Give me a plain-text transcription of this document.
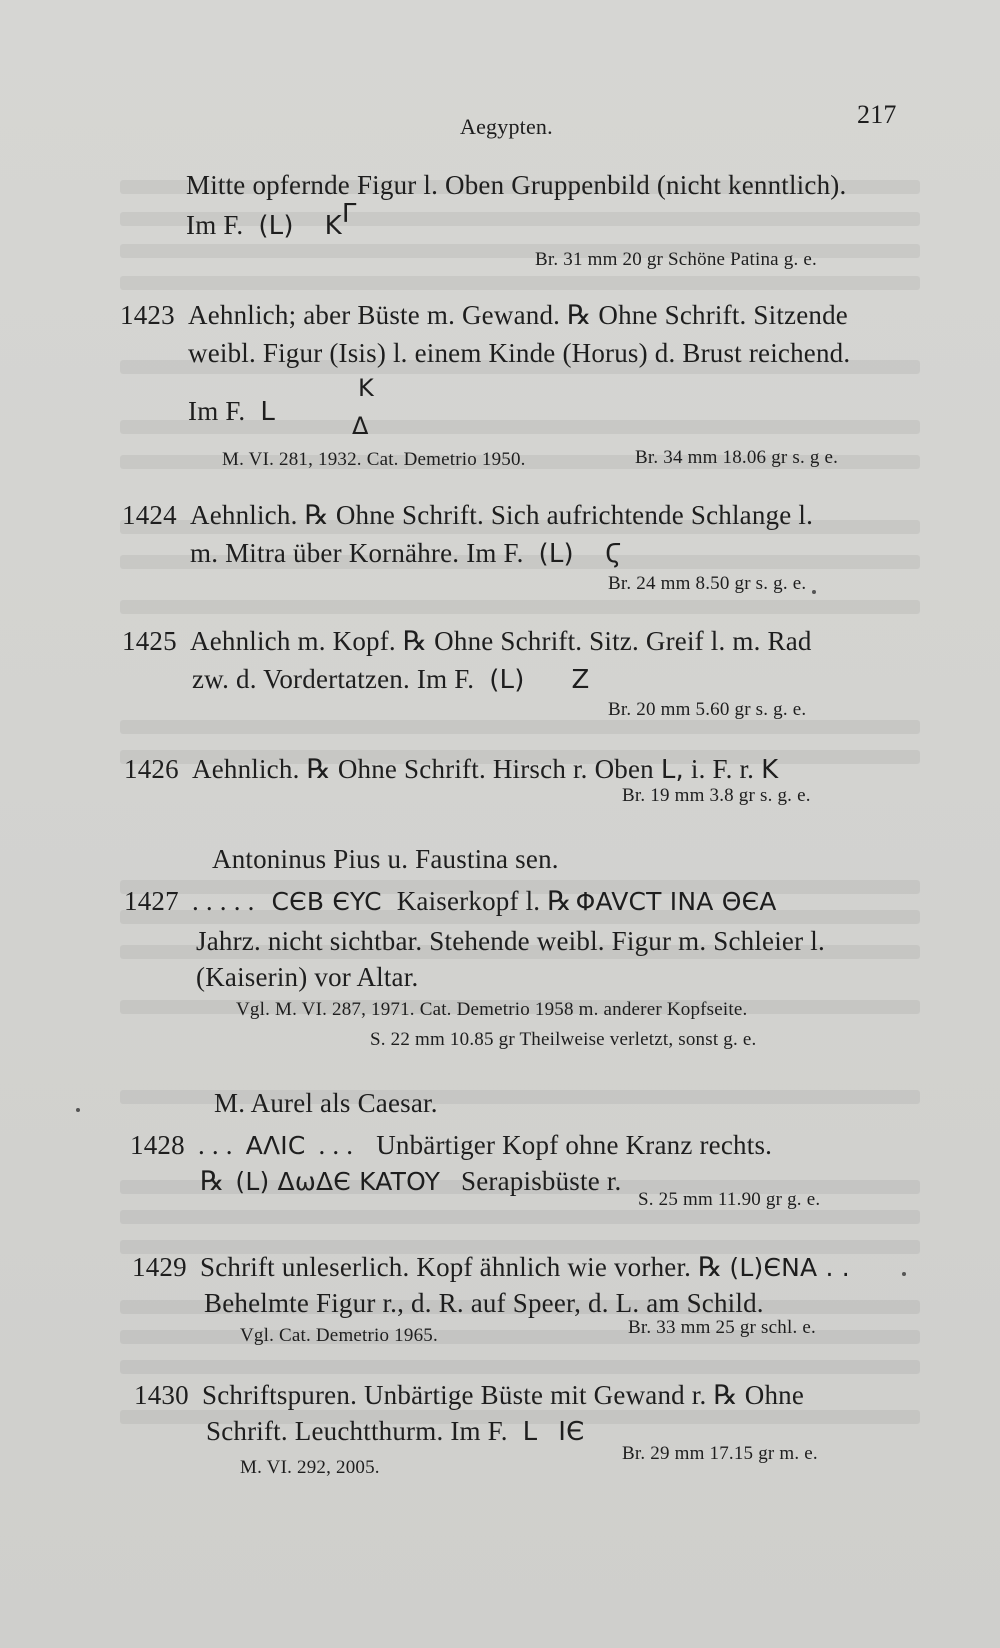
Aegypten.	217
Mitte opfernde Figur l. Oben Gruppenbild (nicht kenntlich).
Im F. (L) KΓ
Br. 31 mm 20 gr Schöne Patina g. e.
1423 Aehnlich; aber Büste m. Gewand. ℞ Ohne Schrift. Sitzende
weibl. Figur (Isis) l. einem Kinde (Horus) d. Brust reichend.
K
Im F. L	Δ
M. VI. 281, 1932. Cat. Demetrio 1950.	Br. 34 mm 18.06 gr s. g e.
1424 Aehnlich. ℞ Ohne Schrift. Sich aufrichtende Schlange l.
m. Mitra über Kornähre. Im F. (L) Ϛ
Br. 24 mm 8.50 gr s. g. e.
1425 Aehnlich m. Kopf. ℞ Ohne Schrift. Sitz. Greif l. m. Rad
zw. d. Vordertatzen. Im F. (L) Z
Br. 20 mm 5.60 gr s. g. e.
1426 Aehnlich. ℞ Ohne Schrift. Hirsch r. Oben L, i. F. r. K
Br. 19 mm 3.8 gr s. g. e.
Antoninus Pius u. Faustina sen.
1427 . . . . . CЄB ЄYC Kaiserkopf l. ℞ ΦAVCT INA ΘЄA
Jahrz. nicht sichtbar. Stehende weibl. Figur m. Schleier l.
(Kaiserin) vor Altar.
Vgl. M. VI. 287, 1971. Cat. Demetrio 1958 m. anderer Kopfseite.
S. 22 mm 10.85 gr Theilweise verletzt, sonst g. e.
M. Aurel als Caesar.
1428 . . . AΛIC . . . Unbärtiger Kopf ohne Kranz rechts.
℞ (L) ΔωΔЄ KATOY Serapisbüste r.
S. 25 mm 11.90 gr g. e.
1429 Schrift unleserlich. Kopf ähnlich wie vorher. ℞ (L)ЄNA . .
Behelmte Figur r., d. R. auf Speer, d. L. am Schild.
Vgl. Cat. Demetrio 1965.	Br. 33 mm 25 gr schl. e.
1430 Schriftspuren. Unbärtige Büste mit Gewand r. ℞ Ohne
Schrift. Leuchtthurm. Im F. L IЄ
M. VI. 292, 2005.
Br. 29 mm 17.15 gr m. e.
